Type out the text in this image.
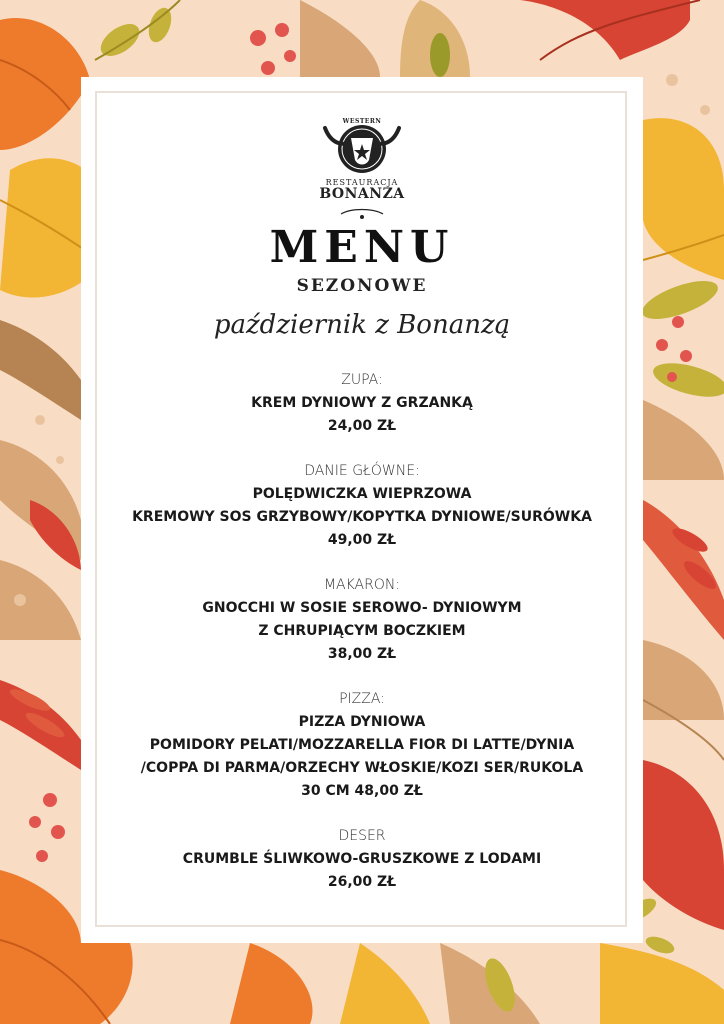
WESTERN
RESTAURACJA
BONANZA
MENU
SEZONOWE
październik z Bonanzą
ZUPA:
KREM DYNIOWY Z GRZANKĄ
24,00 ZŁ
DANIE GŁÓWNE:
POLĘDWICZKA WIEPRZOWA
KREMOWY SOS GRZYBOWY/KOPYTKA DYNIOWE/SURÓWKA
49,00 ZŁ
MAKARON:
GNOCCHI W SOSIE SEROWO- DYNIOWYM
Z CHRUPIĄCYM BOCZKIEM
38,00 ZŁ
PIZZA:
PIZZA DYNIOWA
POMIDORY PELATI/MOZZARELLA FIOR DI LATTE/DYNIA
/COPPA DI PARMA/ORZECHY WŁOSKIE/KOZI SER/RUKOLA
30 CM 48,00 ZŁ
DESER
CRUMBLE ŚLIWKOWO-GRUSZKOWE Z LODAMI
26,00 ZŁ
